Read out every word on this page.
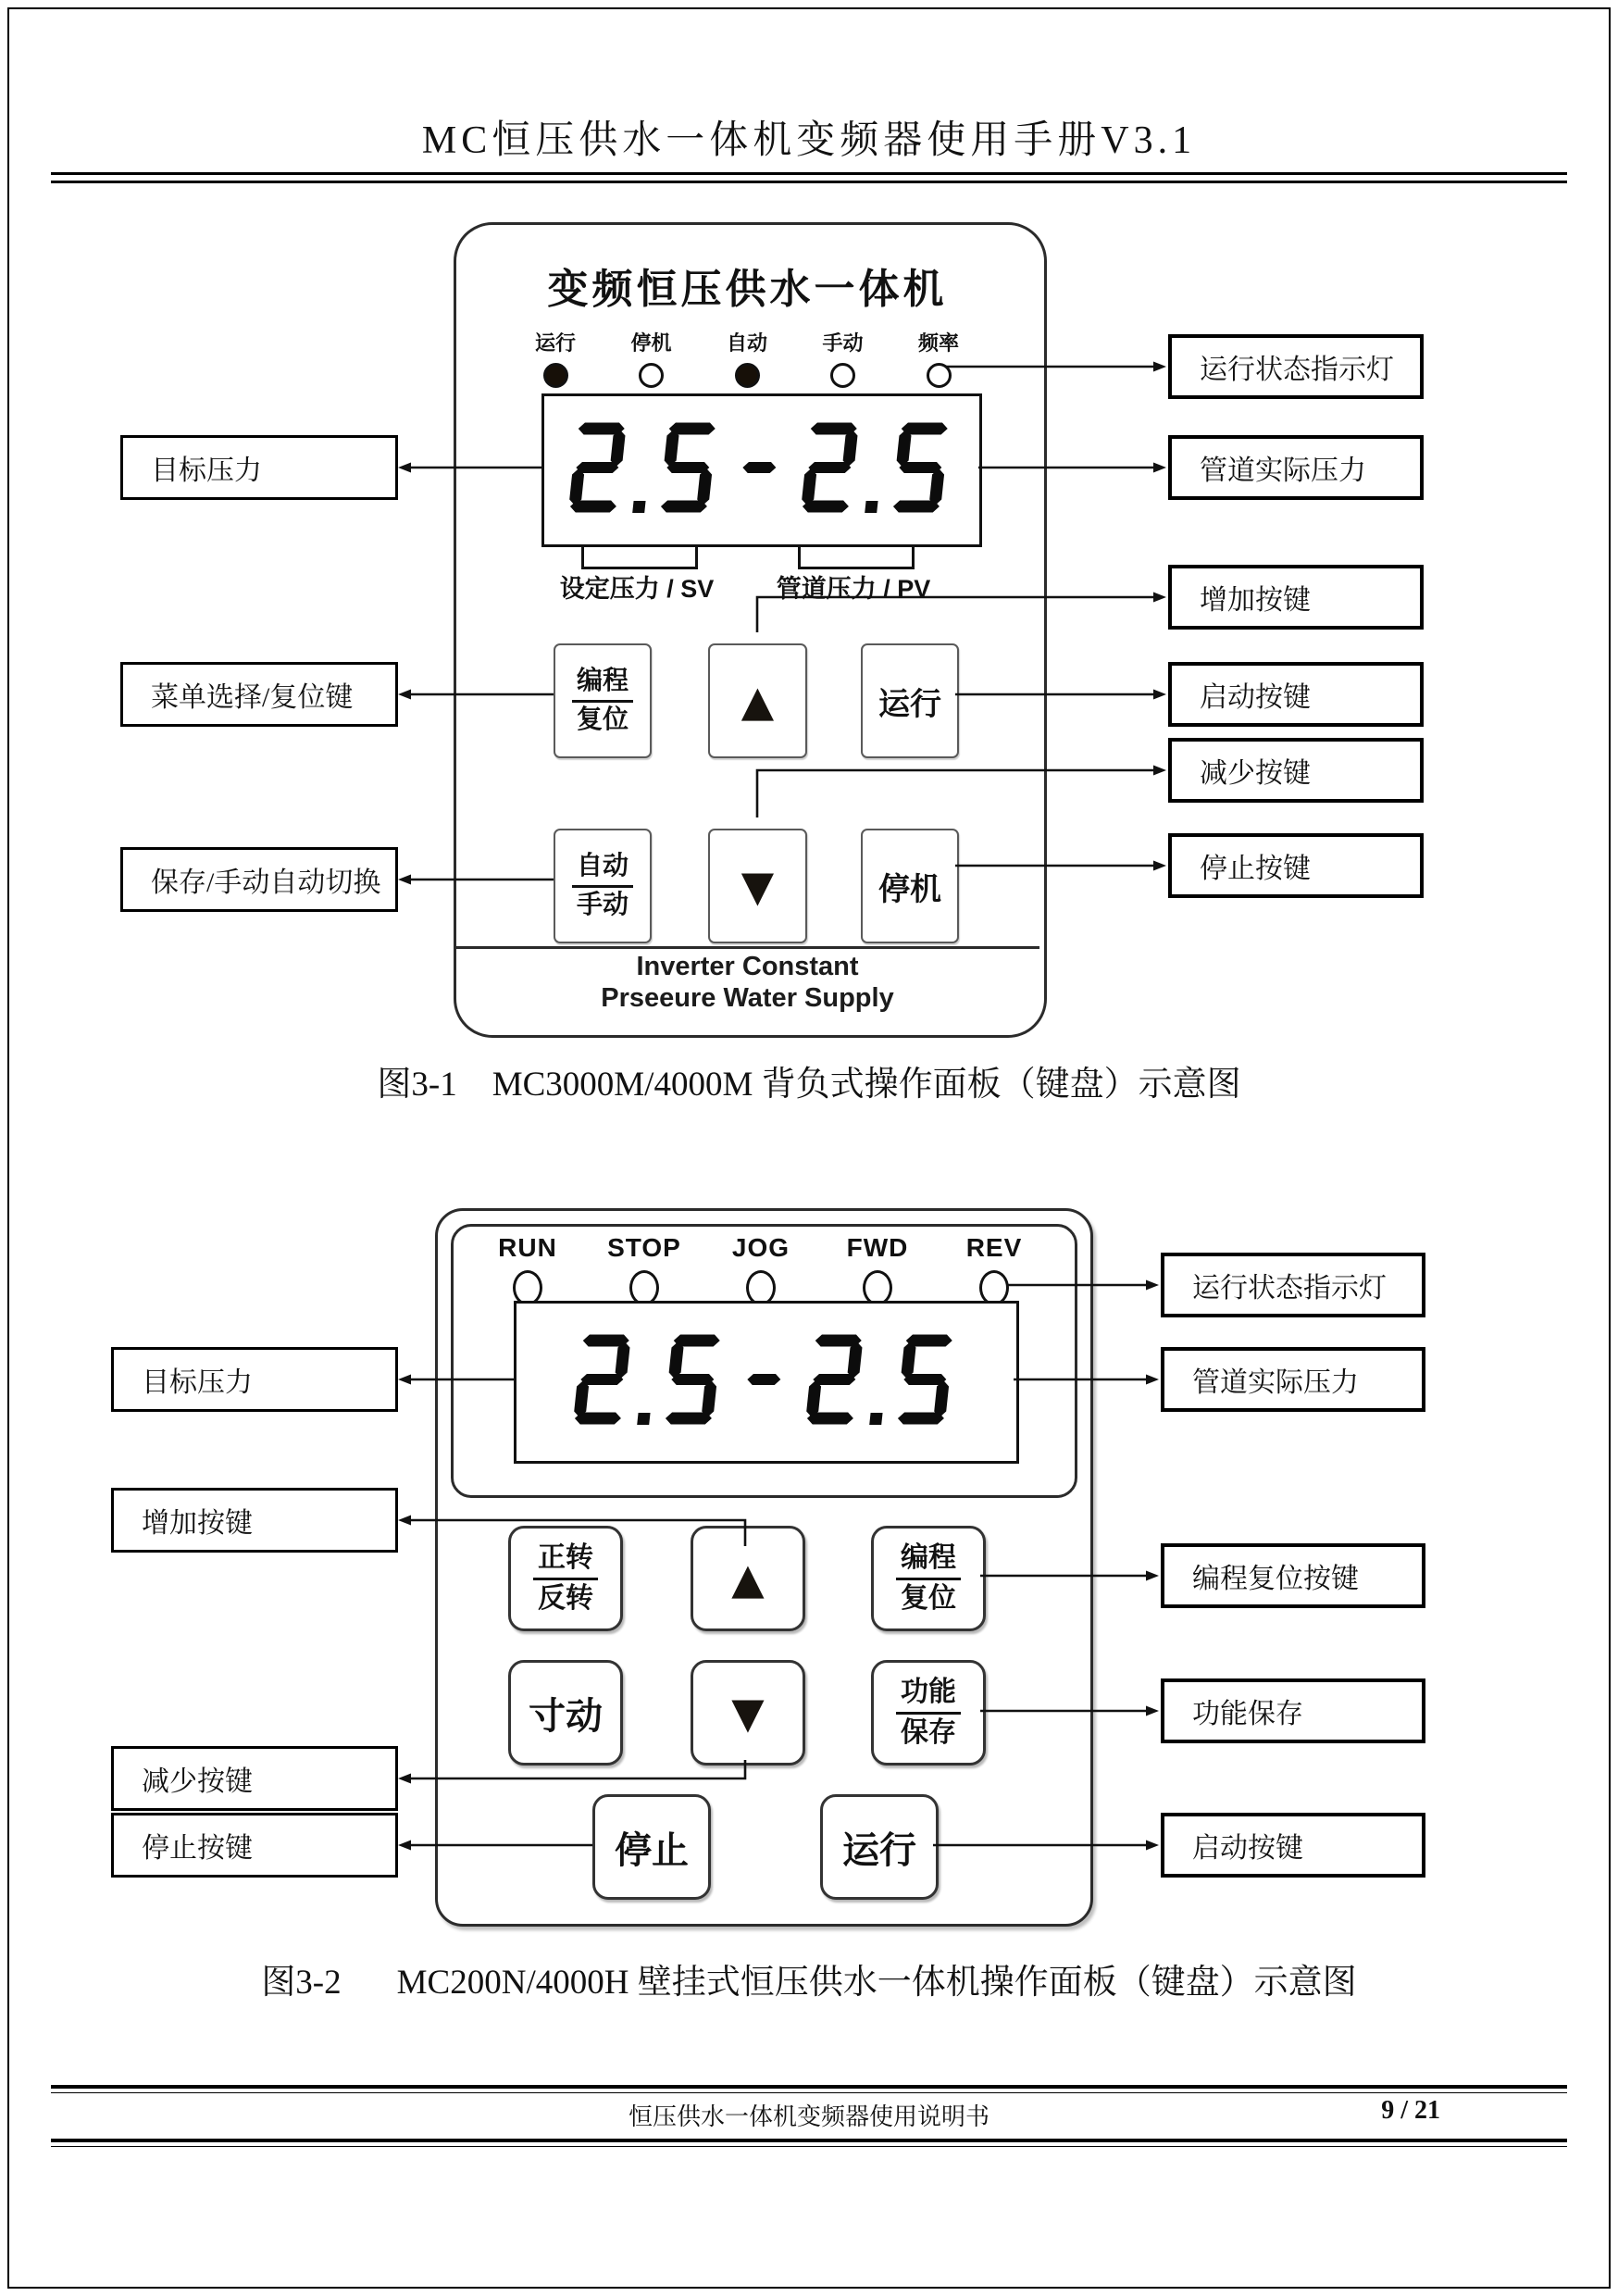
MC恒压供水一体机变频器使用手册V3.1
变频恒压供水一体机
运行	停机	自动	手动	频率
设定压力 / SV 管道压力 / PV
$\frac{\text{编程}}{\text{复位}}$	▲	运行
$\frac{\text{自动}}{\text{手动}}$	▼	停机
Inverter Constant
Prseeure Water Supply
目标压力
菜单选择/复位键
保存/手动自动切换
运行状态指示灯
管道实际压力
增加按键
启动按键
减少按键
停止按键
图3-1 MC3000M/4000M 背负式操作面板（键盘）示意图
RUN STOP JOG FWD REV
$\frac{\text{正转}}{\text{反转}}$	▲	$\frac{\text{编程}}{\text{复位}}$
寸动	▼	$\frac{\text{功能}}{\text{保存}}$
停止	运行
目标压力
增加按键
减少按键
停止按键
运行状态指示灯
管道实际压力
编程复位按键
功能保存
启动按键
图3-2 MC200N/4000H 壁挂式恒压供水一体机操作面板（键盘）示意图
恒压供水一体机变频器使用说明书	9 / 21
